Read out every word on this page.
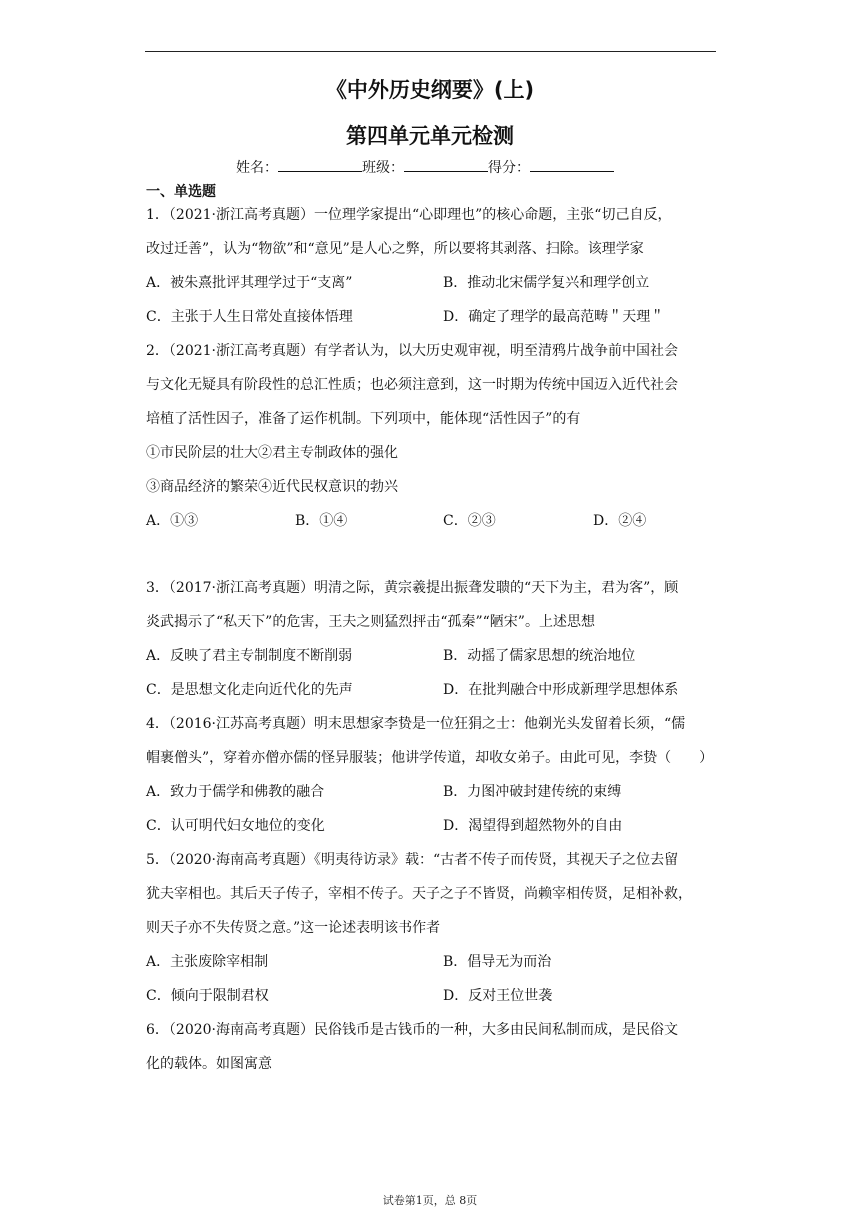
《中外历史纲要》(上)
第四单元单元检测
姓名：	班级：	得分：
一、单选题
1．（2021·浙江高考真题）一位理学家提出“心即理也”的核心命题，主张“切己自反，
改过迁善”，认为“物欲”和“意见”是人心之弊，所以要将其剥落、扫除。该理学家
A．被朱熹批评其理学过于“支离”	B．推动北宋儒学复兴和理学创立
C．主张于人生日常处直接体悟理	D．确定了理学的最高范畴＂天理＂
2．（2021·浙江高考真题）有学者认为，以大历史观审视，明至清鸦片战争前中国社会
与文化无疑具有阶段性的总汇性质；也必须注意到，这一时期为传统中国迈入近代社会
培植了活性因子，准备了运作机制。下列项中，能体现“活性因子”的有
①市民阶层的壮大②君主专制政体的强化
③商品经济的繁荣④近代民权意识的勃兴
A．①③	B．①④	C．②③	D．②④
3．（2017·浙江高考真题）明清之际，黄宗羲提出振聋发聩的“天下为主，君为客”，顾
炎武揭示了“私天下”的危害，王夫之则猛烈抨击“孤秦”“陋宋”。上述思想
A．反映了君主专制制度不断削弱	B．动摇了儒家思想的统治地位
C．是思想文化走向近代化的先声	D．在批判融合中形成新理学思想体系
4．（2016·江苏高考真题）明末思想家李贽是一位狂狷之士：他剃光头发留着长须，“儒
帽裹僧头”，穿着亦僧亦儒的怪异服装；他讲学传道，却收女弟子。由此可见，李贽（　　）
A．致力于儒学和佛教的融合	B．力图冲破封建传统的束缚
C．认可明代妇女地位的变化	D．渴望得到超然物外的自由
5．（2020·海南高考真题）《明夷待访录》载：“古者不传子而传贤，其视天子之位去留
犹夫宰相也。其后天子传子，宰相不传子。天子之子不皆贤，尚赖宰相传贤，足相补救，
则天子亦不失传贤之意。”这一论述表明该书作者
A．主张废除宰相制	B．倡导无为而治
C．倾向于限制君权	D．反对王位世袭
6．（2020·海南高考真题）民俗钱币是古钱币的一种，大多由民间私制而成，是民俗文
化的载体。如图寓意
试卷第1页，总 8页
